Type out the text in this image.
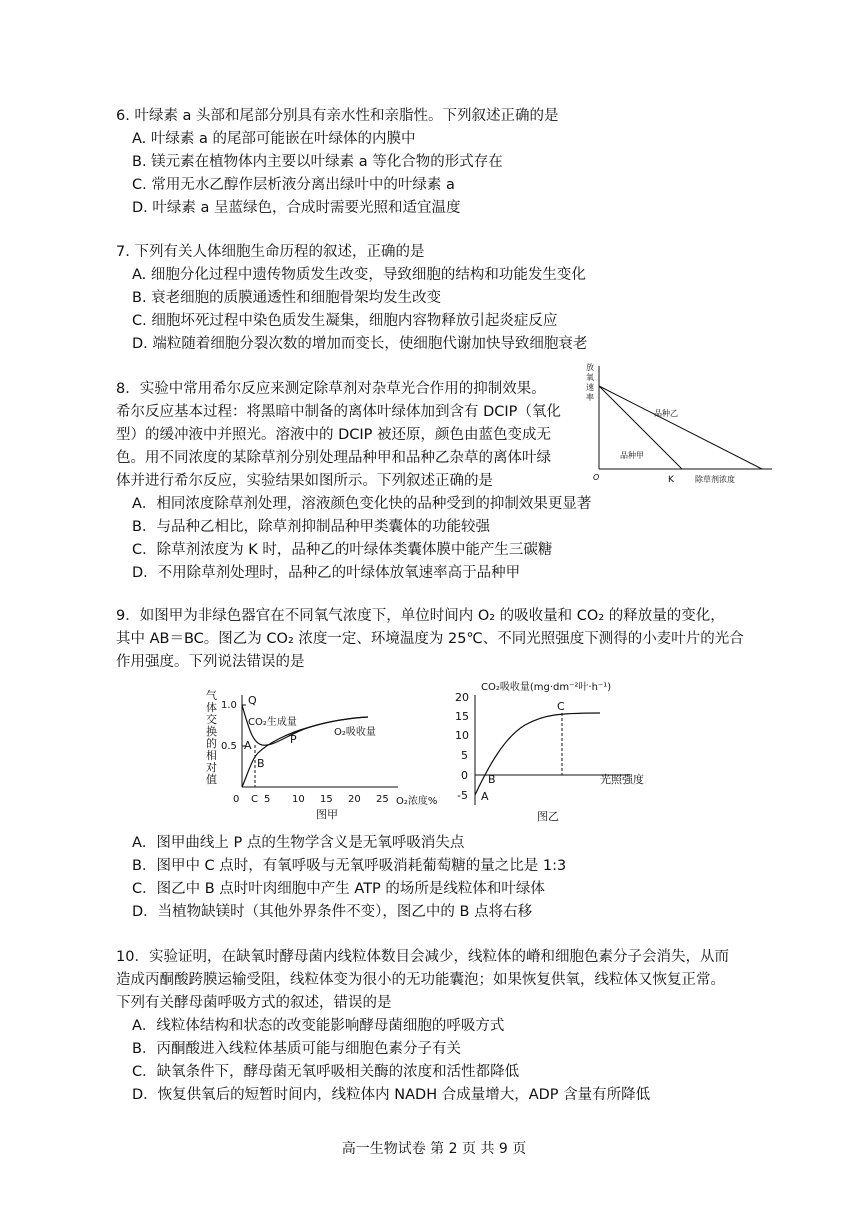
6. 叶绿素 a 头部和尾部分别具有亲水性和亲脂性。下列叙述正确的是
A. 叶绿素 a 的尾部可能嵌在叶绿体的内膜中
B. 镁元素在植物体内主要以叶绿素 a 等化合物的形式存在
C. 常用无水乙醇作层析液分离出绿叶中的叶绿素 a
D. 叶绿素 a 呈蓝绿色，合成时需要光照和适宜温度
7. 下列有关人体细胞生命历程的叙述，正确的是
A. 细胞分化过程中遗传物质发生改变，导致细胞的结构和功能发生变化
B. 衰老细胞的质膜通透性和细胞骨架均发生改变
C. 细胞坏死过程中染色质发生凝集，细胞内容物释放引起炎症反应
D. 端粒随着细胞分裂次数的增加而变长，使细胞代谢加快导致细胞衰老
8．实验中常用希尔反应来测定除草剂对杂草光合作用的抑制效果。
希尔反应基本过程：将黑暗中制备的离体叶绿体加到含有 DCIP（氧化
型）的缓冲液中并照光。溶液中的 DCIP 被还原，颜色由蓝色变成无
色。用不同浓度的某除草剂分别处理品种甲和品种乙杂草的离体叶绿
体并进行希尔反应，实验结果如图所示。下列叙述正确的是
A．相同浓度除草剂处理，溶液颜色变化快的品种受到的抑制效果更显著
B．与品种乙相比，除草剂抑制品种甲类囊体的功能较强
C．除草剂浓度为 K 时，品种乙的叶绿体类囊体膜中能产生三碳糖
D．不用除草剂处理时，品种乙的叶绿体放氧速率高于品种甲
放
氧
速
率
O	K	除草剂浓度
品种甲
品种乙
9．如图甲为非绿色器官在不同氧气浓度下，单位时间内 O₂ 的吸收量和 CO₂ 的释放量的变化，
其中 AB＝BC。图乙为 CO₂ 浓度一定、环境温度为 25℃、不同光照强度下测得的小麦叶片的光合
作用强度。下列说法错误的是
气
体
交
换
的
相
对
值
1.0
0.5
0 C 5 10 15 20 25 O₂浓度%
Q
A
B
P
CO₂生成量
O₂吸收量
图甲
CO₂吸收量(mg·dm⁻²叶·h⁻¹)
20
15
10
5
0
-5 A
B
C
光照强度
图乙
A．图甲曲线上 P 点的生物学含义是无氧呼吸消失点
B．图甲中 C 点时，有氧呼吸与无氧呼吸消耗葡萄糖的量之比是 1:3
C．图乙中 B 点时叶肉细胞中产生 ATP 的场所是线粒体和叶绿体
D．当植物缺镁时（其他外界条件不变），图乙中的 B 点将右移
10．实验证明，在缺氧时酵母菌内线粒体数目会减少，线粒体的嵴和细胞色素分子会消失，从而
造成丙酮酸跨膜运输受阻，线粒体变为很小的无功能囊泡；如果恢复供氧，线粒体又恢复正常。
下列有关酵母菌呼吸方式的叙述，错误的是
A．线粒体结构和状态的改变能影响酵母菌细胞的呼吸方式
B．丙酮酸进入线粒体基质可能与细胞色素分子有关
C．缺氧条件下，酵母菌无氧呼吸相关酶的浓度和活性都降低
D．恢复供氧后的短暂时间内，线粒体内 NADH 合成量增大，ADP 含量有所降低
高一生物试卷 第 2 页 共 9 页
